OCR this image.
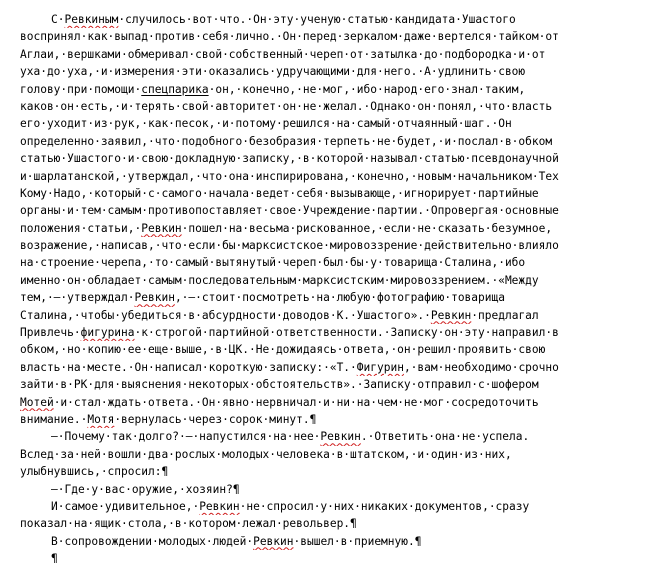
С·Ревкиным·случилось·вот·что.·Он·эту·ученую·статью·кандидата·Ушастого
воспринял·как·выпад·против·себя·лично.·Он·перед·зеркалом·даже·вертелся·тайком·от
Аглаи,·вершками·обмеривал·свой·собственный·череп·от·затылка·до·подбородка·и·от
уха·до·уха,·и·измерения·эти·оказались·удручающими·для·него.·А·удлинить·свою
голову·при·помощи·спецпарика·он,·конечно,·не·мог,·ибо·народ·его·знал·таким,
каков·он·есть,·и·терять·свой·авторитет·он·не·желал.·Однако·он·понял,·что·власть
его·уходит·из·рук,·как·песок,·и·потому·решился·на·самый·отчаянный·шаг.·Он
определенно·заявил,·что·подобного·безобразия·терпеть·не·будет,·и·послал·в·обком
статью·Ушастого·и·свою·докладную·записку,·в·которой·называл·статью·псевдонаучной
и·шарлатанской,·утверждал,·что·она·инспирирована,·конечно,·новым·начальником·Тех
Кому·Надо,·который·с·самого·начала·ведет·себя·вызывающе,·игнорирует·партийные
органы·и·тем·самым·противопоставляет·свое·Учреждение·партии.·Опровергая·основные
положения·статьи,·Ревкин·пошел·на·весьма·рискованное,·если·не·сказать·безумное,
возражение,·написав,·что·если·бы·марксистское·мировоззрение·действительно·влияло
на·строение·черепа,·то·самый·вытянутый·череп·был·бы·у·товарища·Сталина,·ибо
именно·он·обладает·самым·последовательным·марксистским·мировоззрением.·«Между
тем,·—·утверждал·Ревкин,·—·стоит·посмотреть·на·любую·фотографию·товарища
Сталина,·чтобы·убедиться·в·абсурдности·доводов·К.·Ушастого».·Ревкин·предлагал
Привлечь·фигурина·к·строгой·партийной·ответственности.·Записку·он·эту·направил·в
обком,·но·копию·ее·еще·выше,·в·ЦК.·Не·дожидаясь·ответа,·он·решил·проявить·свою
власть·на·месте.·Он·написал·короткую·записку:·«Т.·Фигурин,·вам·необходимо·срочно
зайти·в·РК·для·выяснения·некоторых·обстоятельств».·Записку·отправил·с·шофером
Мотей·и·стал·ждать·ответа.·Он·явно·нервничал·и·ни·на·чем·не·мог·сосредоточить
внимание.·Мотя·вернулась·через·сорок·минут.¶
—·Почему·так·долго?·—·напустился·на·нее·Ревкин.·Ответить·она·не·успела.
Вслед·за·ней·вошли·два·рослых·молодых·человека·в·штатском,·и·один·из·них,
улыбнувшись,·спросил:¶
—·Где·у·вас·оружие,·хозяин?¶
И·самое·удивительное,·Ревкин·не·спросил·у·них·никаких·документов,·сразу
показал·на·ящик·стола,·в·котором·лежал·револьвер.¶
В·сопровождении·молодых·людей·Ревкин·вышел·в·приемную.¶
¶
